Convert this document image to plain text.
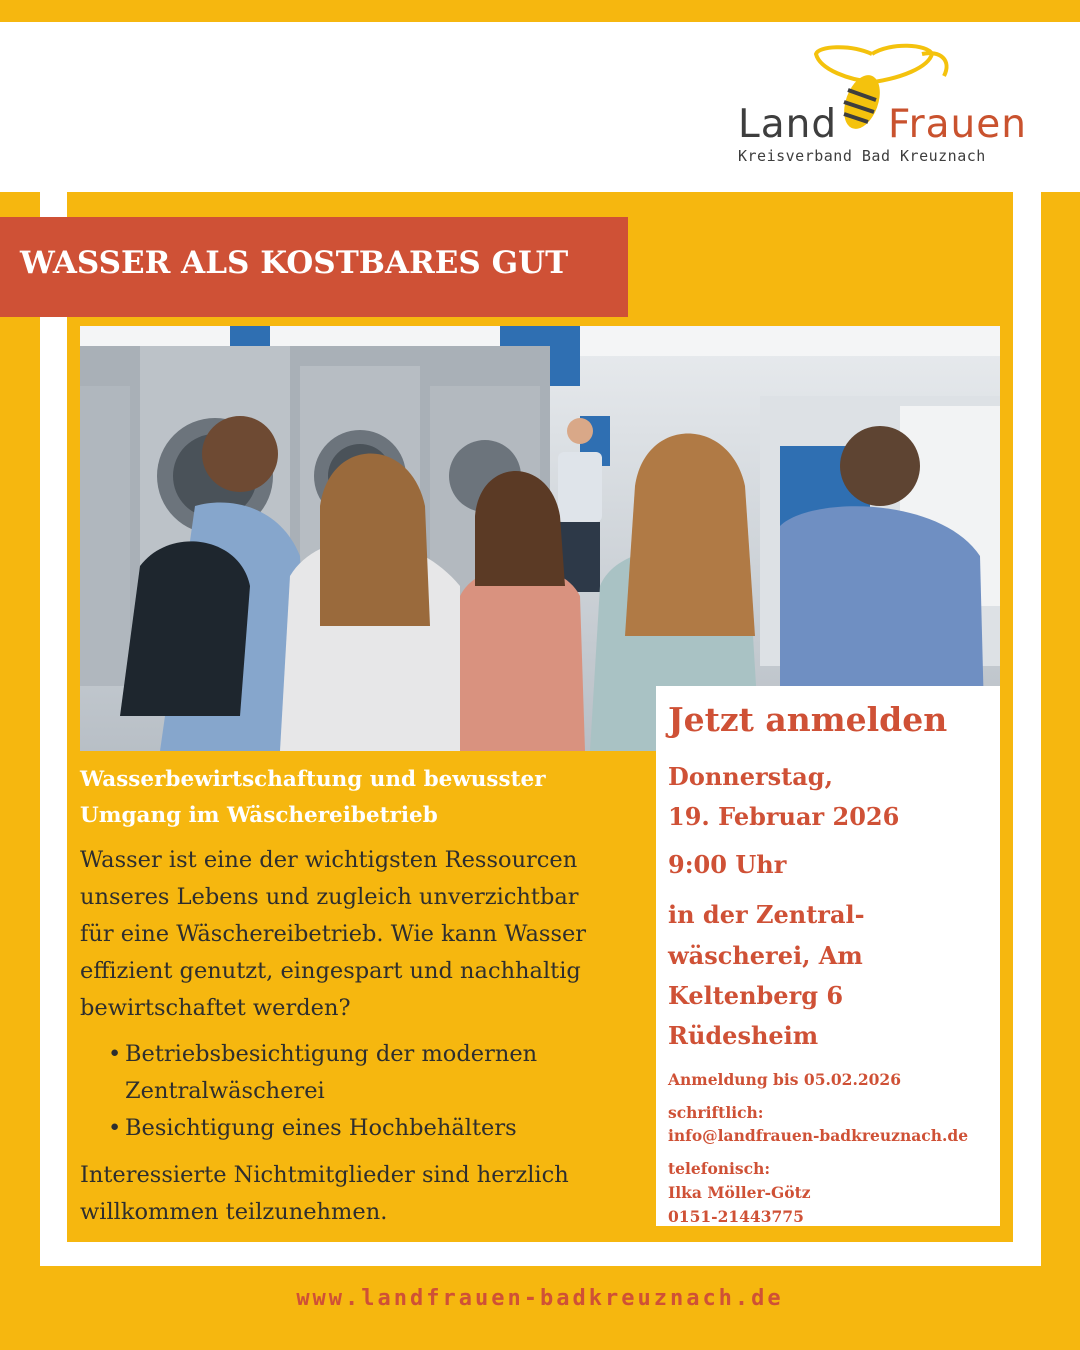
Land Frauen
Kreisverband Bad Kreuznach
WASSER ALS KOSTBARES GUT
Wasserbewirtschaftung und bewusster
Umgang im Wäschereibetrieb
Wasser ist eine der wichtigsten Ressourcen
unseres Lebens und zugleich unverzichtbar
für eine Wäschereibetrieb. Wie kann Wasser
effizient genutzt, eingespart und nachhaltig
bewirtschaftet werden?
• Betriebsbesichtigung der modernen
Zentralwäscherei
• Besichtigung eines Hochbehälters
Interessierte Nichtmitglieder sind herzlich
willkommen teilzunehmen.
Jetzt anmelden
Donnerstag,
19. Februar 2026
9:00 Uhr
in der Zentral-
wäscherei, Am
Keltenberg 6
Rüdesheim
Anmeldung bis 05.02.2026
schriftlich:
info@landfrauen-badkreuznach.de
telefonisch:
Ilka Möller-Götz
0151-21443775
www.landfrauen-badkreuznach.de
